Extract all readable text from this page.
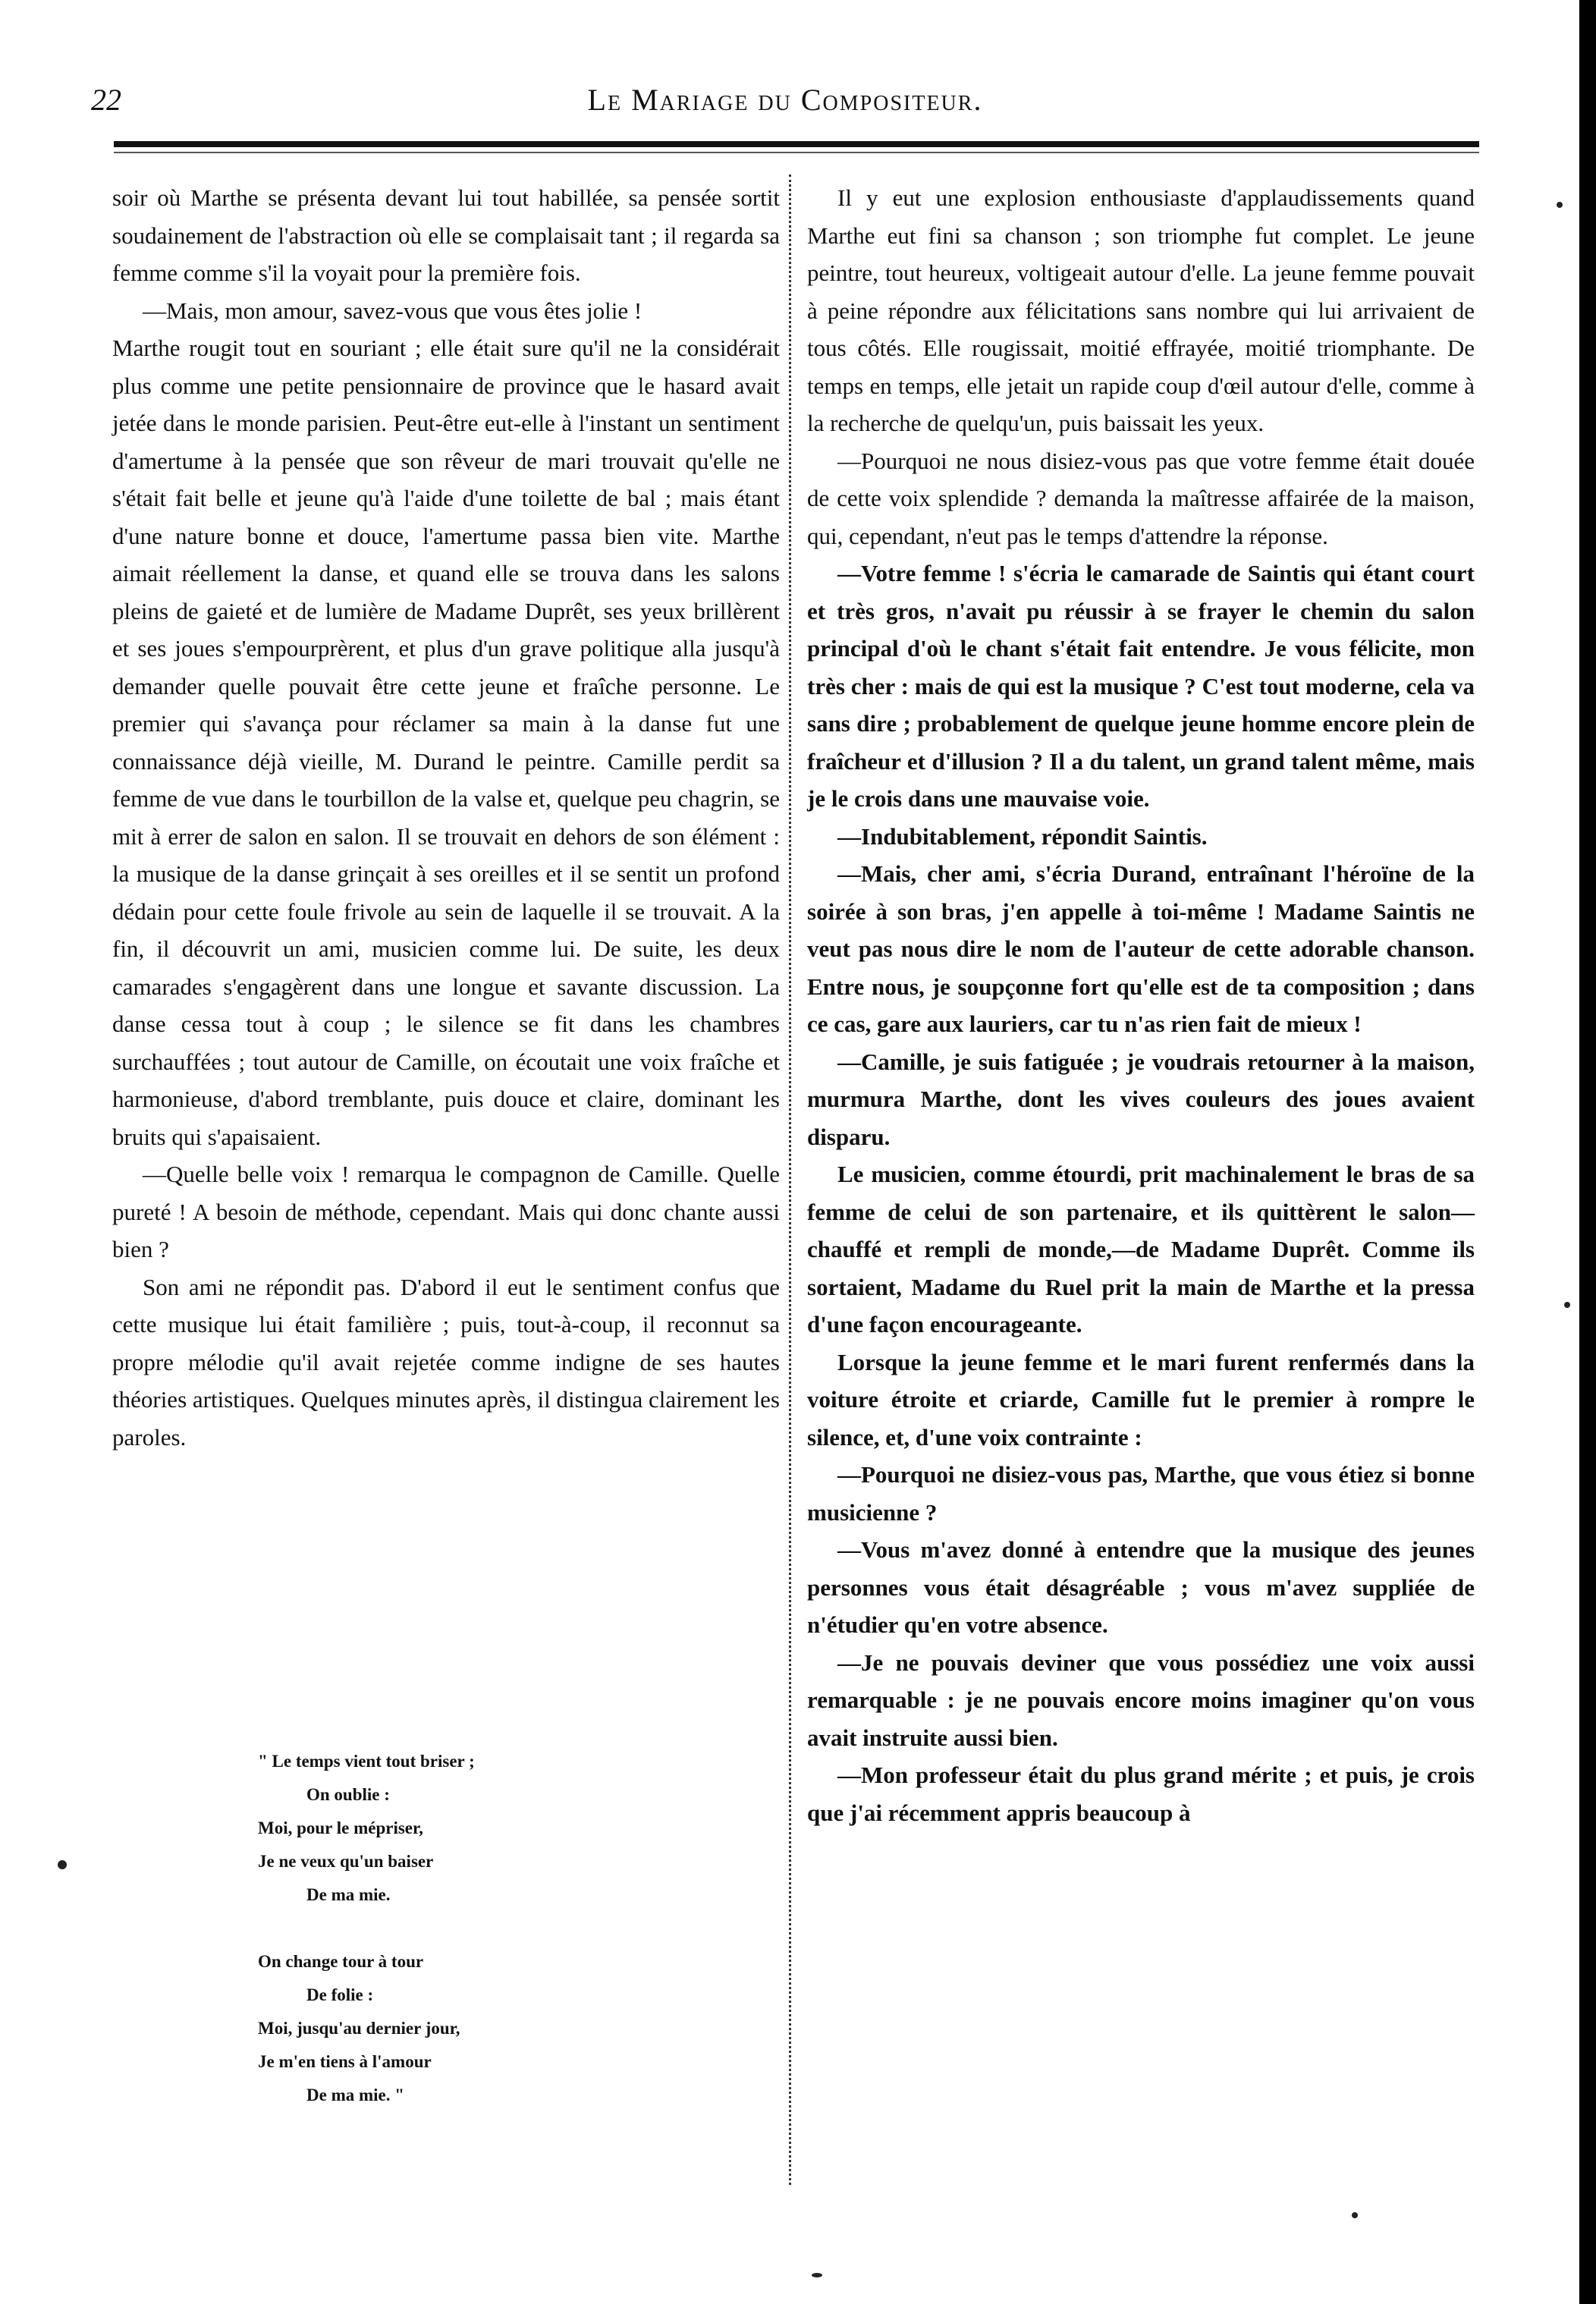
22	Le Mariage du Compositeur.

soir où Marthe se présenta devant lui tout habillée, sa pensée sortit soudainement de l'abstraction où elle se complaisait tant ; il regarda sa femme comme s'il la voyait pour la première fois.

—Mais, mon amour, savez-vous que vous êtes jolie !

Marthe rougit tout en souriant ; elle était sure qu'il ne la considérait plus comme une petite pensionnaire de province que le hasard avait jetée dans le monde parisien. Peut-être eut-elle à l'instant un sentiment d'amertume à la pensée que son rêveur de mari trouvait qu'elle ne s'était fait belle et jeune qu'à l'aide d'une toilette de bal ; mais étant d'une nature bonne et douce, l'amertume passa bien vite. Marthe aimait réellement la danse, et quand elle se trouva dans les salons pleins de gaieté et de lumière de Madame Duprêt, ses yeux brillèrent et ses joues s'empourprèrent, et plus d'un grave politique alla jusqu'à demander quelle pouvait être cette jeune et fraîche personne. Le premier qui s'avança pour réclamer sa main à la danse fut une connaissance déjà vieille, M. Durand le peintre. Camille perdit sa femme de vue dans le tourbillon de la valse et, quelque peu chagrin, se mit à errer de salon en salon. Il se trouvait en dehors de son élément : la musique de la danse grinçait à ses oreilles et il se sentit un profond dédain pour cette foule frivole au sein de laquelle il se trouvait. A la fin, il découvrit un ami, musicien comme lui. De suite, les deux camarades s'engagèrent dans une longue et savante discussion. La danse cessa tout à coup ; le silence se fit dans les chambres surchauffées ; tout autour de Camille, on écoutait une voix fraîche et harmonieuse, d'abord tremblante, puis douce et claire, dominant les bruits qui s'apaisaient.

—Quelle belle voix ! remarqua le compagnon de Camille. Quelle pureté ! A besoin de méthode, cependant. Mais qui donc chante aussi bien ?

Son ami ne répondit pas. D'abord il eut le sentiment confus que cette musique lui était familière ; puis, tout-à-coup, il reconnut sa propre mélodie qu'il avait rejetée comme indigne de ses hautes théories artistiques. Quelques minutes après, il distingua clairement les paroles.

" Le temps vient tout briser ;
On oublie :
Moi, pour le mépriser,
Je ne veux qu'un baiser
De ma mie.
On change tour à tour
De folie :
Moi, jusqu'au dernier jour,
Je m'en tiens à l'amour
De ma mie. "

Il y eut une explosion enthousiaste d'applaudissements quand Marthe eut fini sa chanson ; son triomphe fut complet. Le jeune peintre, tout heureux, voltigeait autour d'elle. La jeune femme pouvait à peine répondre aux félicitations sans nombre qui lui arrivaient de tous côtés. Elle rougissait, moitié effrayée, moitié triomphante. De temps en temps, elle jetait un rapide coup d'œil autour d'elle, comme à la recherche de quelqu'un, puis baissait les yeux.

—Pourquoi ne nous disiez-vous pas que votre femme était douée de cette voix splendide ? demanda la maîtresse affairée de la maison, qui, cependant, n'eut pas le temps d'attendre la réponse.

—Votre femme ! s'écria le camarade de Saintis qui étant court et très gros, n'avait pu réussir à se frayer le chemin du salon principal d'où le chant s'était fait entendre. Je vous félicite, mon très cher : mais de qui est la musique ? C'est tout moderne, cela va sans dire ; probablement de quelque jeune homme encore plein de fraîcheur et d'illusion ? Il a du talent, un grand talent même, mais je le crois dans une mauvaise voie.

—Indubitablement, répondit Saintis.

—Mais, cher ami, s'écria Durand, entraînant l'héroïne de la soirée à son bras, j'en appelle à toi-même ! Madame Saintis ne veut pas nous dire le nom de l'auteur de cette adorable chanson. Entre nous, je soupçonne fort qu'elle est de ta composition ; dans ce cas, gare aux lauriers, car tu n'as rien fait de mieux !

—Camille, je suis fatiguée ; je voudrais retourner à la maison, murmura Marthe, dont les vives couleurs des joues avaient disparu.

Le musicien, comme étourdi, prit machinalement le bras de sa femme de celui de son partenaire, et ils quittèrent le salon—chauffé et rempli de monde,—de Madame Duprêt. Comme ils sortaient, Madame du Ruel prit la main de Marthe et la pressa d'une façon encourageante.

Lorsque la jeune femme et le mari furent renfermés dans la voiture étroite et criarde, Camille fut le premier à rompre le silence, et, d'une voix contrainte :

—Pourquoi ne disiez-vous pas, Marthe, que vous étiez si bonne musicienne ?

—Vous m'avez donné à entendre que la musique des jeunes personnes vous était désagréable ; vous m'avez suppliée de n'étudier qu'en votre absence.

—Je ne pouvais deviner que vous possédiez une voix aussi remarquable : je ne pouvais encore moins imaginer qu'on vous avait instruite aussi bien.

—Mon professeur était du plus grand mérite ; et puis, je crois que j'ai récemment appris beaucoup à
